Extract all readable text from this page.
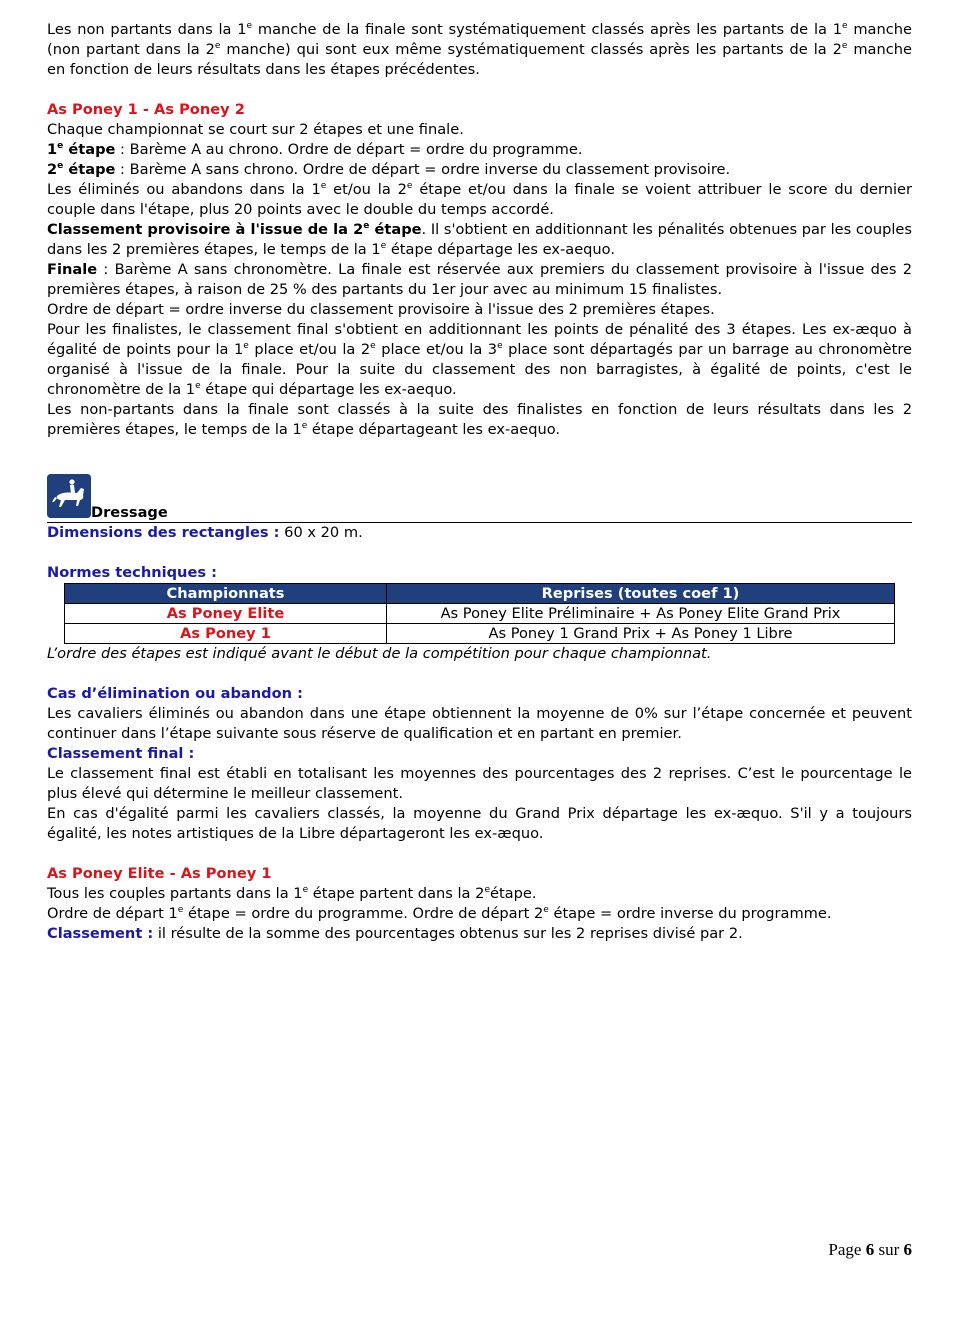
Les non partants dans la 1e manche de la finale sont systématiquement classés après les partants de la 1e manche (non partant dans la 2e manche) qui sont eux même systématiquement classés après les partants de la 2e manche en fonction de leurs résultats dans les étapes précédentes.

As Poney 1 - As Poney 2

Chaque championnat se court sur 2 étapes et une finale.

1e étape : Barème A au chrono. Ordre de départ = ordre du programme.

2e étape : Barème A sans chrono. Ordre de départ = ordre inverse du classement provisoire.

Les éliminés ou abandons dans la 1e et/ou la 2e étape et/ou dans la finale se voient attribuer le score du dernier couple dans l'étape, plus 20 points avec le double du temps accordé.

Classement provisoire à l'issue de la 2e étape. Il s'obtient en additionnant les pénalités obtenues par les couples dans les 2 premières étapes, le temps de la 1e étape départage les ex-aequo.

Finale : Barème A sans chronomètre. La finale est réservée aux premiers du classement provisoire à l'issue des 2 premières étapes, à raison de 25 % des partants du 1er jour avec au minimum 15 finalistes.

Ordre de départ = ordre inverse du classement provisoire à l'issue des 2 premières étapes.

Pour les finalistes, le classement final s'obtient en additionnant les points de pénalité des 3 étapes. Les ex-æquo à égalité de points pour la 1e place et/ou la 2e place et/ou la 3e place sont départagés par un barrage au chronomètre organisé à l'issue de la finale. Pour la suite du classement des non barragistes, à égalité de points, c'est le chronomètre de la 1e étape qui départage les ex-aequo.

Les non-partants dans la finale sont classés à la suite des finalistes en fonction de leurs résultats dans les 2 premières étapes, le temps de la 1e étape départageant les ex-aequo.

Dressage

Dimensions des rectangles : 60 x 20 m.

Normes techniques :
Championnats	Reprises (toutes coef 1)
As Poney Elite	As Poney Elite Préliminaire + As Poney Elite Grand Prix
As Poney 1	As Poney 1 Grand Prix + As Poney 1 Libre

L’ordre des étapes est indiqué avant le début de la compétition pour chaque championnat.

Cas d’élimination ou abandon :

Les cavaliers éliminés ou abandon dans une étape obtiennent la moyenne de 0% sur l’étape concernée et peuvent continuer dans l’étape suivante sous réserve de qualification et en partant en premier.

Classement final :

Le classement final est établi en totalisant les moyennes des pourcentages des 2 reprises. C’est le pourcentage le plus élevé qui détermine le meilleur classement.

En cas d'égalité parmi les cavaliers classés, la moyenne du Grand Prix départage les ex-æquo. S'il y a toujours égalité, les notes artistiques de la Libre départageront les ex-æquo.

As Poney Elite - As Poney 1

Tous les couples partants dans la 1e étape partent dans la 2eétape.

Ordre de départ 1e étape = ordre du programme. Ordre de départ 2e étape = ordre inverse du programme.

Classement : il résulte de la somme des pourcentages obtenus sur les 2 reprises divisé par 2.

Page 6 sur 6
